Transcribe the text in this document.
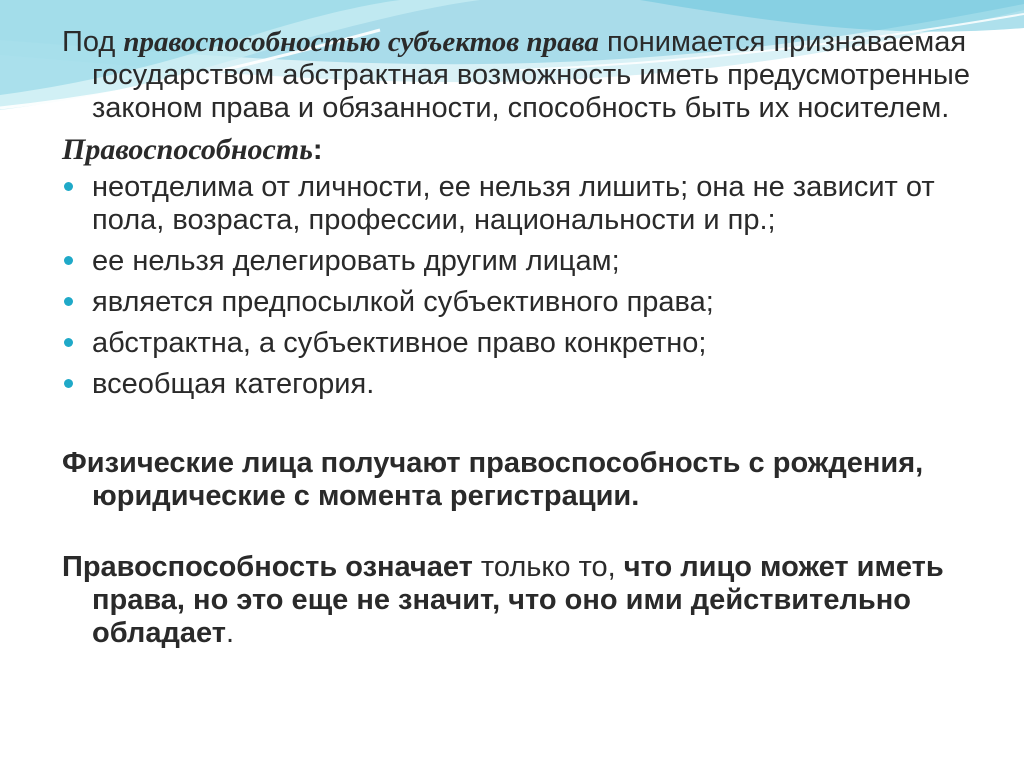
Под правоспособностью субъектов права понимается признаваемая государством абстрактная возможность иметь предусмотренные законом права и обязанности, способность быть их носителем.

Правоспособность:

неотделима от личности, ее нельзя лишить; она не зависит от пола, возраста, профессии, национальности и пр.;
ее нельзя делегировать другим лицам;
является предпосылкой субъективного права;
абстрактна, а субъективное право конкретно;
всеобщая категория.

Физические лица получают правоспособность с рождения, юридические с момента регистрации.

Правоспособность означает только то, что лицо может иметь права, но это еще не значит, что оно ими действительно обладает.
